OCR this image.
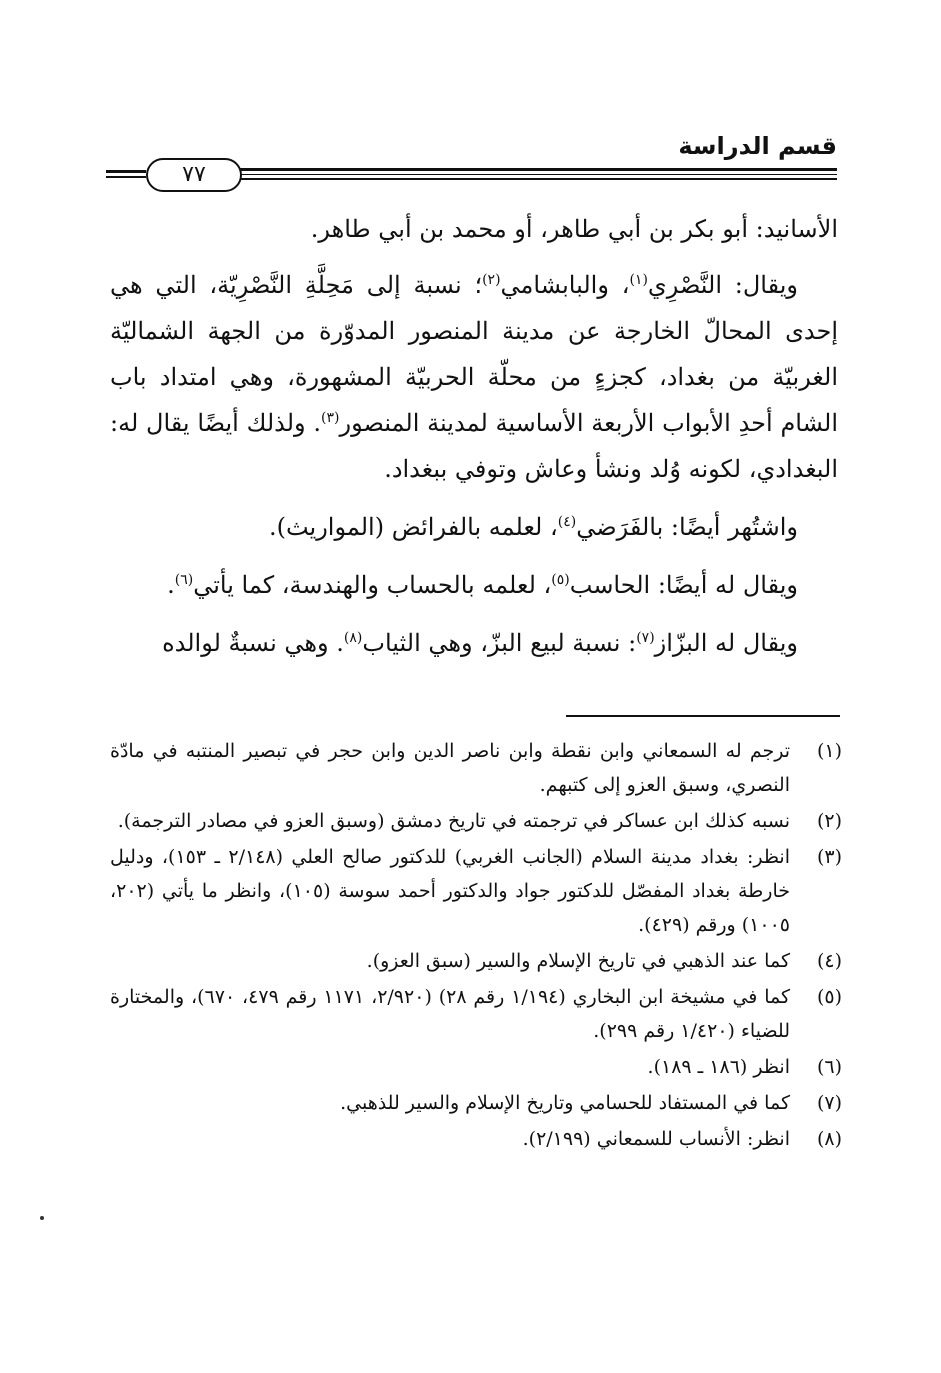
قسم الدراسة
٧٧

الأسانيد: أبو بكر بن أبي طاهر، أو محمد بن أبي طاهر.

ويقال: النَّصْرِي$^{(١)}$، والبابشامي$^{(٢)}$؛ نسبة إلى مَحِلَّةِ النَّصْرِيّة، التي هي إحدى المحالّ الخارجة عن مدينة المنصور المدوّرة من الجهة الشماليّة الغربيّة من بغداد، كجزءٍ من محلّة الحربيّة المشهورة، وهي امتداد باب الشام أحدِ الأبواب الأربعة الأساسية لمدينة المنصور$^{(٣)}$. ولذلك أيضًا يقال له: البغدادي، لكونه وُلد ونشأ وعاش وتوفي ببغداد.

واشتُهر أيضًا: بالفَرَضي$^{(٤)}$، لعلمه بالفرائض (المواريث).

ويقال له أيضًا: الحاسب$^{(٥)}$، لعلمه بالحساب والهندسة، كما يأتي$^{(٦)}$.

ويقال له البزّاز$^{(٧)}$: نسبة لبيع البزّ، وهي الثياب$^{(٨)}$. وهي نسبةٌ لوالده

(١)
ترجم له السمعاني وابن نقطة وابن ناصر الدين وابن حجر في تبصير المنتبه في مادّة النصري، وسبق العزو إلى كتبهم.
(٢)
نسبه كذلك ابن عساكر في ترجمته في تاريخ دمشق (وسبق العزو في مصادر الترجمة).
(٣)
انظر: بغداد مدينة السلام (الجانب الغربي) للدكتور صالح العلي (٢/١٤٨ ـ ١٥٣)، ودليل خارطة بغداد المفصّل للدكتور جواد والدكتور أحمد سوسة (١٠٥)، وانظر ما يأتي (٢٠٢، ١٠٠٥) ورقم (٤٢٩).
(٤)
كما عند الذهبي في تاريخ الإسلام والسير (سبق العزو).
(٥)
كما في مشيخة ابن البخاري (١/١٩٤ رقم ٢٨) (٢/٩٢٠، ١١٧١ رقم ٤٧٩، ٦٧٠)، والمختارة للضياء (١/٤٢٠ رقم ٢٩٩).
(٦)
انظر (١٨٦ ـ ١٨٩).
(٧)
كما في المستفاد للحسامي وتاريخ الإسلام والسير للذهبي.
(٨)
انظر: الأنساب للسمعاني (٢/١٩٩).
